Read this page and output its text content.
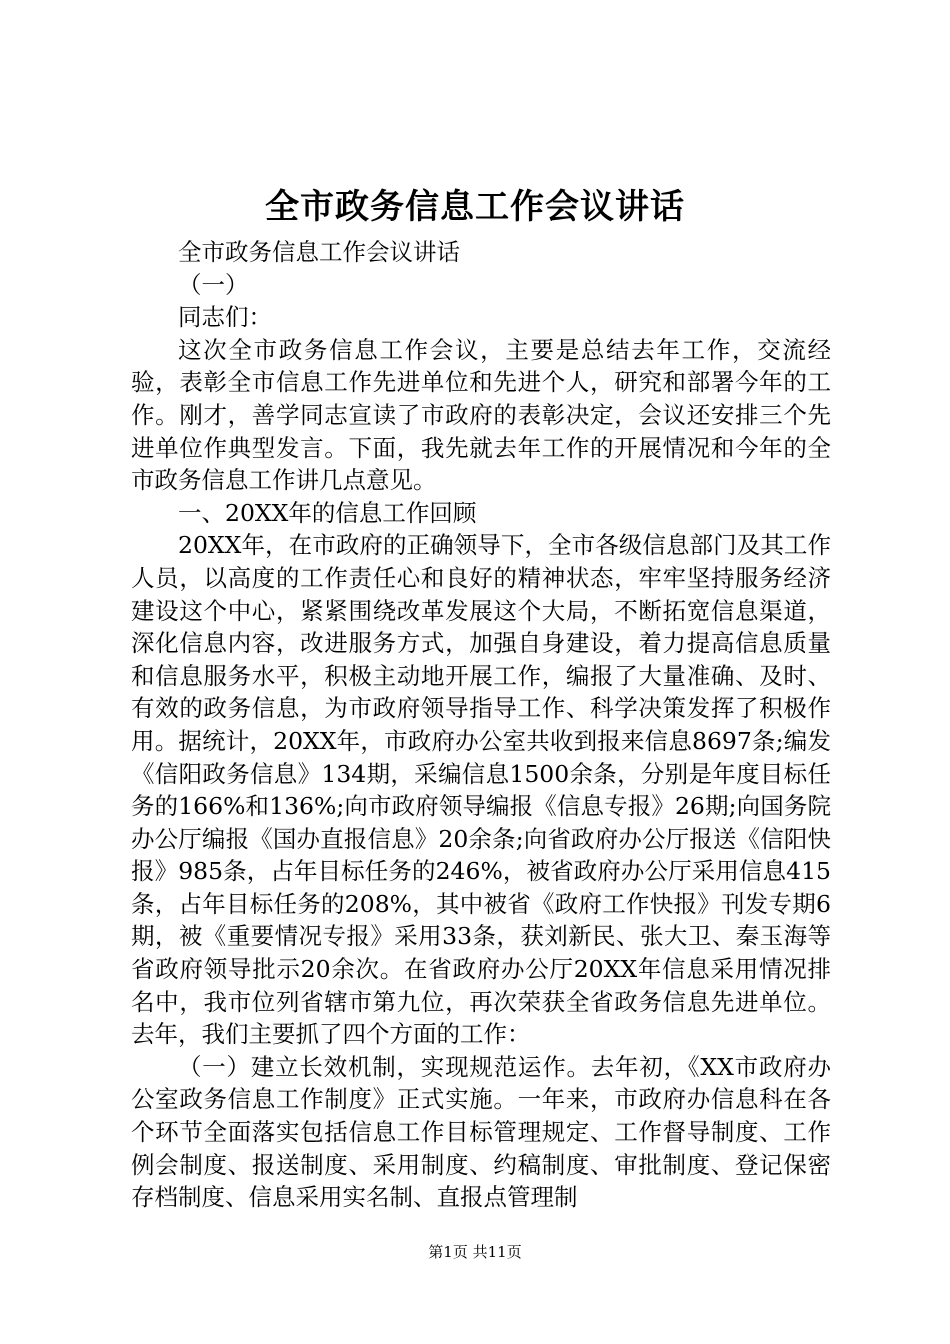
全市政务信息工作会议讲话

全市政务信息工作会议讲话

（一）

同志们：

这次全市政务信息工作会议，主要是总结去年工作，交流经验，表彰全市信息工作先进单位和先进个人，研究和部署今年的工作。刚才，善学同志宣读了市政府的表彰决定，会议还安排三个先进单位作典型发言。下面，我先就去年工作的开展情况和今年的全市政务信息工作讲几点意见。

一、20XX年的信息工作回顾

20XX年，在市政府的正确领导下，全市各级信息部门及其工作人员，以高度的工作责任心和良好的精神状态，牢牢坚持服务经济建设这个中心，紧紧围绕改革发展这个大局，不断拓宽信息渠道，深化信息内容，改进服务方式，加强自身建设，着力提高信息质量和信息服务水平，积极主动地开展工作，编报了大量准确、及时、有效的政务信息，为市政府领导指导工作、科学决策发挥了积极作用。据统计，20XX年，市政府办公室共收到报来信息8697条;编发《信阳政务信息》134期，采编信息1500余条，分别是年度目标任务的166%和136%;向市政府领导编报《信息专报》26期;向国务院办公厅编报《国办直报信息》20余条;向省政府办公厅报送《信阳快报》985条，占年目标任务的246%，被省政府办公厅采用信息415条，占年目标任务的208%，其中被省《政府工作快报》刊发专期6期，被《重要情况专报》采用33条，获刘新民、张大卫、秦玉海等省政府领导批示20余次。在省政府办公厅20XX年信息采用情况排名中，我市位列省辖市第九位，再次荣获全省政务信息先进单位。去年，我们主要抓了四个方面的工作：

（一）建立长效机制，实现规范运作。去年初，《XX市政府办公室政务信息工作制度》正式实施。一年来，市政府办信息科在各个环节全面落实包括信息工作目标管理规定、工作督导制度、工作例会制度、报送制度、采用制度、约稿制度、审批制度、登记保密存档制度、信息采用实名制、直报点管理制

第1页 共11页
